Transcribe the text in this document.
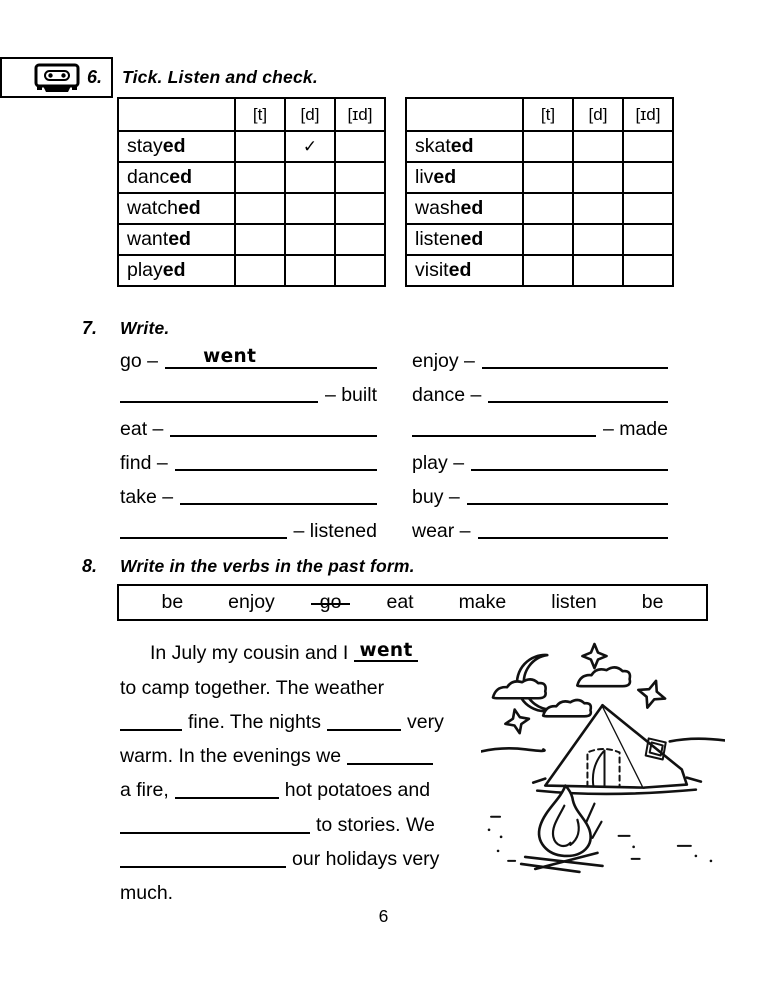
6. Tick. Listen and check.
	[t]	[d]	[ɪd]
stayed		✓	
danced			
watched			
wanted			
played			
	[t]	[d]	[ɪd]
skated			
lived			
washed			
listened			
visited			
7. Write.
go – went
– built
eat –
find –
take –
– listened
enjoy –
dance –
– made
play –
buy –
wear –
8. Write in the verbs in the past form.
be enjoy go eat make listen be
In July my cousin and I went
to camp together. The weather
fine. The nights	very
warm. In the evenings we
a fire,	hot potatoes and
to stories. We
our holidays very
much.
6
